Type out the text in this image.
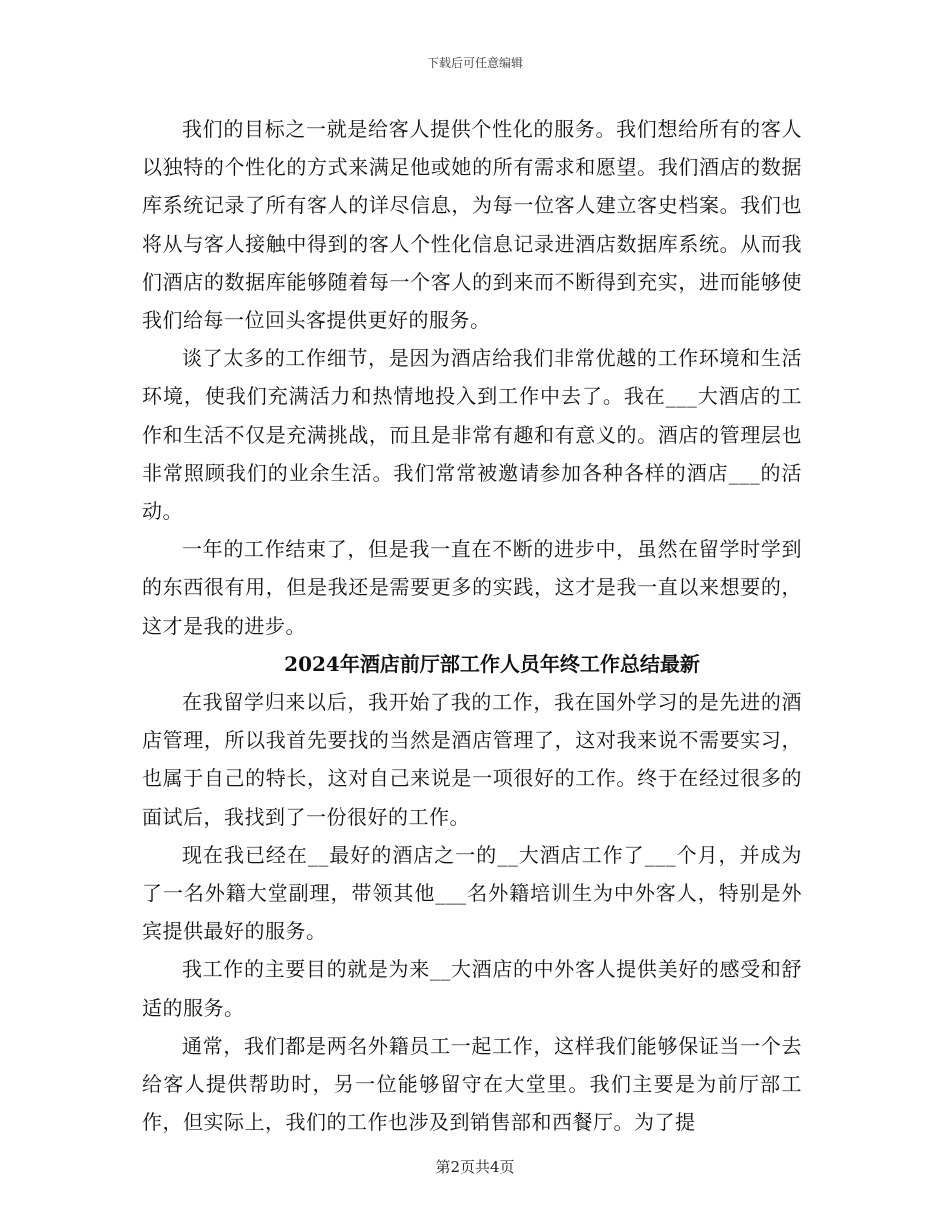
下载后可任意编辑

我们的目标之一就是给客人提供个性化的服务。我们想给所有的客人以独特的个性化的方式来满足他或她的所有需求和愿望。我们酒店的数据库系统记录了所有客人的详尽信息，为每一位客人建立客史档案。我们也将从与客人接触中得到的客人个性化信息记录进酒店数据库系统。从而我们酒店的数据库能够随着每一个客人的到来而不断得到充实，进而能够使我们给每一位回头客提供更好的服务。

谈了太多的工作细节，是因为酒店给我们非常优越的工作环境和生活环境，使我们充满活力和热情地投入到工作中去了。我在___大酒店的工作和生活不仅是充满挑战，而且是非常有趣和有意义的。酒店的管理层也非常照顾我们的业余生活。我们常常被邀请参加各种各样的酒店___的活动。

一年的工作结束了，但是我一直在不断的进步中，虽然在留学时学到的东西很有用，但是我还是需要更多的实践，这才是我一直以来想要的，这才是我的进步。

2024年酒店前厅部工作人员年终工作总结最新

在我留学归来以后，我开始了我的工作，我在国外学习的是先进的酒店管理，所以我首先要找的当然是酒店管理了，这对我来说不需要实习，也属于自己的特长，这对自己来说是一项很好的工作。终于在经过很多的面试后，我找到了一份很好的工作。

现在我已经在__最好的酒店之一的__大酒店工作了___个月，并成为了一名外籍大堂副理，带领其他___名外籍培训生为中外客人，特别是外宾提供最好的服务。

我工作的主要目的就是为来__大酒店的中外客人提供美好的感受和舒适的服务。

通常，我们都是两名外籍员工一起工作，这样我们能够保证当一个去给客人提供帮助时，另一位能够留守在大堂里。我们主要是为前厅部工作，但实际上，我们的工作也涉及到销售部和西餐厅。为了提

第2页共4页
